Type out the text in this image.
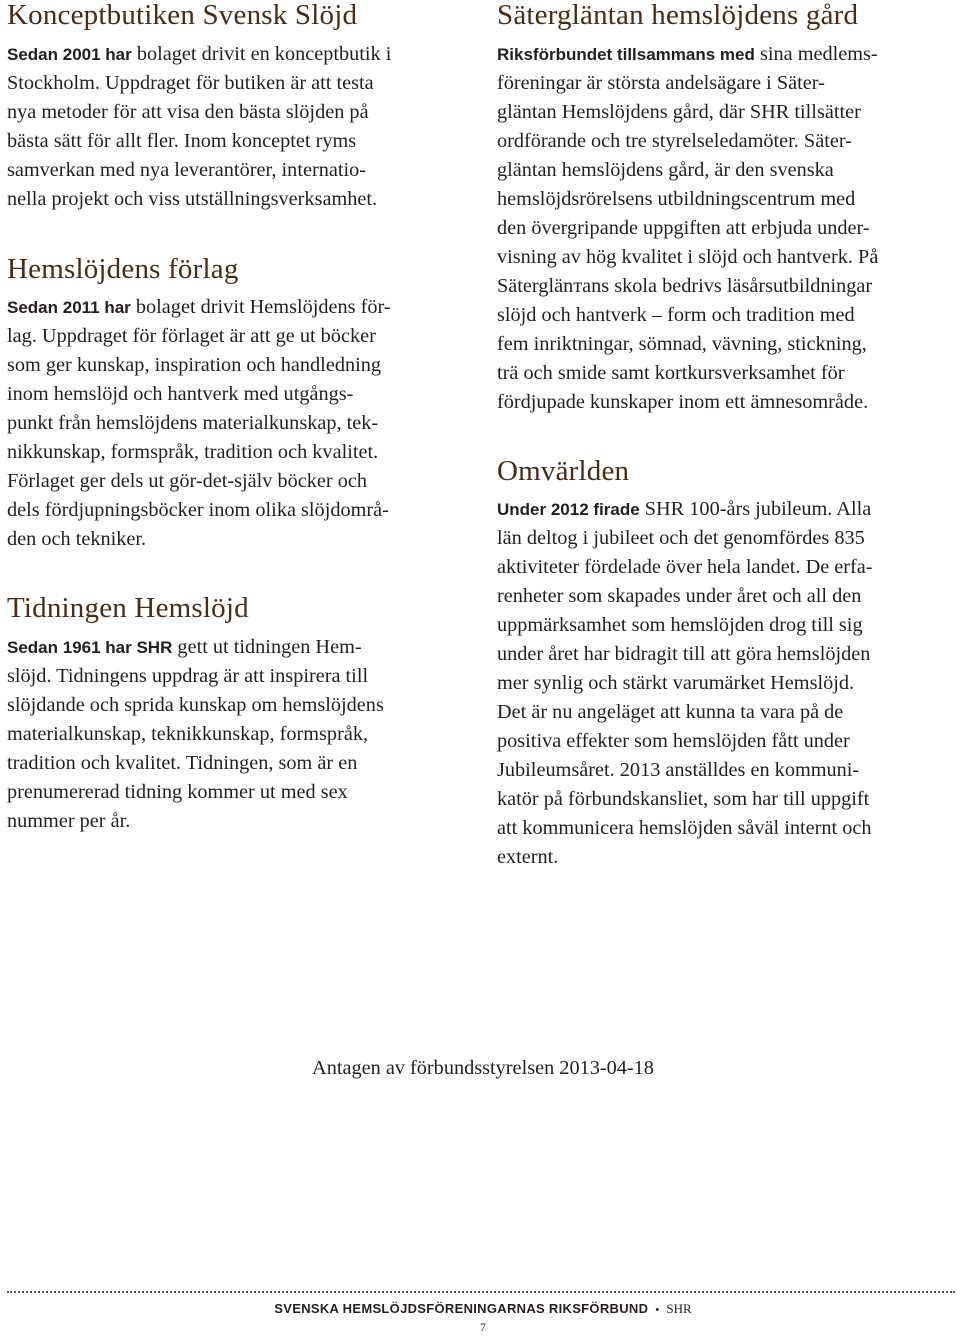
Konceptbutiken Svensk Slöjd

Sedan 2001 har bolaget drivit en konceptbutik i
Stockholm. Uppdraget för butiken är att testa
nya metoder för att visa den bästa slöjden på
bästa sätt för allt fler. Inom konceptet ryms
samverkan med nya leverantörer, internatio-
nella projekt och viss utställningsverksamhet.

Hemslöjdens förlag

Sedan 2011 har bolaget drivit Hemslöjdens för-
lag. Uppdraget för förlaget är att ge ut böcker
som ger kunskap, inspiration och handledning
inom hemslöjd och hantverk med utgångs-
punkt från hemslöjdens materialkunskap, tek-
nikkunskap, formspråk, tradition och kvalitet.
Förlaget ger dels ut gör-det-själv böcker och
dels fördjupningsböcker inom olika slöjdområ-
den och tekniker.

Tidningen Hemslöjd

Sedan 1961 har SHR gett ut tidningen Hem-
slöjd. Tidningens uppdrag är att inspirera till
slöjdande och sprida kunskap om hemslöjdens
materialkunskap, teknikkunskap, formspråk,
tradition och kvalitet. Tidningen, som är en
prenumererad tidning kommer ut med sex
nummer per år.

Sätergläntan hemslöjdens gård

Riksförbundet tillsammans med sina medlems-
föreningar är största andelsägare i Säter-
gläntan Hemslöjdens gård, där SHR tillsätter
ordförande och tre styrelseledamöter. Säter-
gläntan hemslöjdens gård, är den svenska
hemslöjdsrörelsens utbildningscentrum med
den övergripande uppgiften att erbjuda under-
visning av hög kvalitet i slöjd och hantverk. På
Säterglänтans skola bedrivs läsårsutbildningar
slöjd och hantverk – form och tradition med
fem inriktningar, sömnad, vävning, stickning,
trä och smide samt kortkursverksamhet för
fördjupade kunskaper inom ett ämnesområde.

Omvärlden

Under 2012 firade SHR 100-års jubileum. Alla
län deltog i jubileet och det genomfördes 835
aktiviteter fördelade över hela landet. De erfa-
renheter som skapades under året och all den
uppmärksamhet som hemslöjden drog till sig
under året har bidragit till att göra hemslöjden
mer synlig och stärkt varumärket Hemslöjd.
Det är nu angeläget att kunna ta vara på de
positiva effekter som hemslöjden fått under
Jubileumsåret. 2013 anställdes en kommuni-
katör på förbundskansliet, som har till uppgift
att kommunicera hemslöjden såväl internt och
externt.

Antagen av förbundsstyrelsen 2013-04-18
SVENSKA HEMSLÖJDSFÖRENINGARNAS RIKSFÖRBUND • SHR
7
